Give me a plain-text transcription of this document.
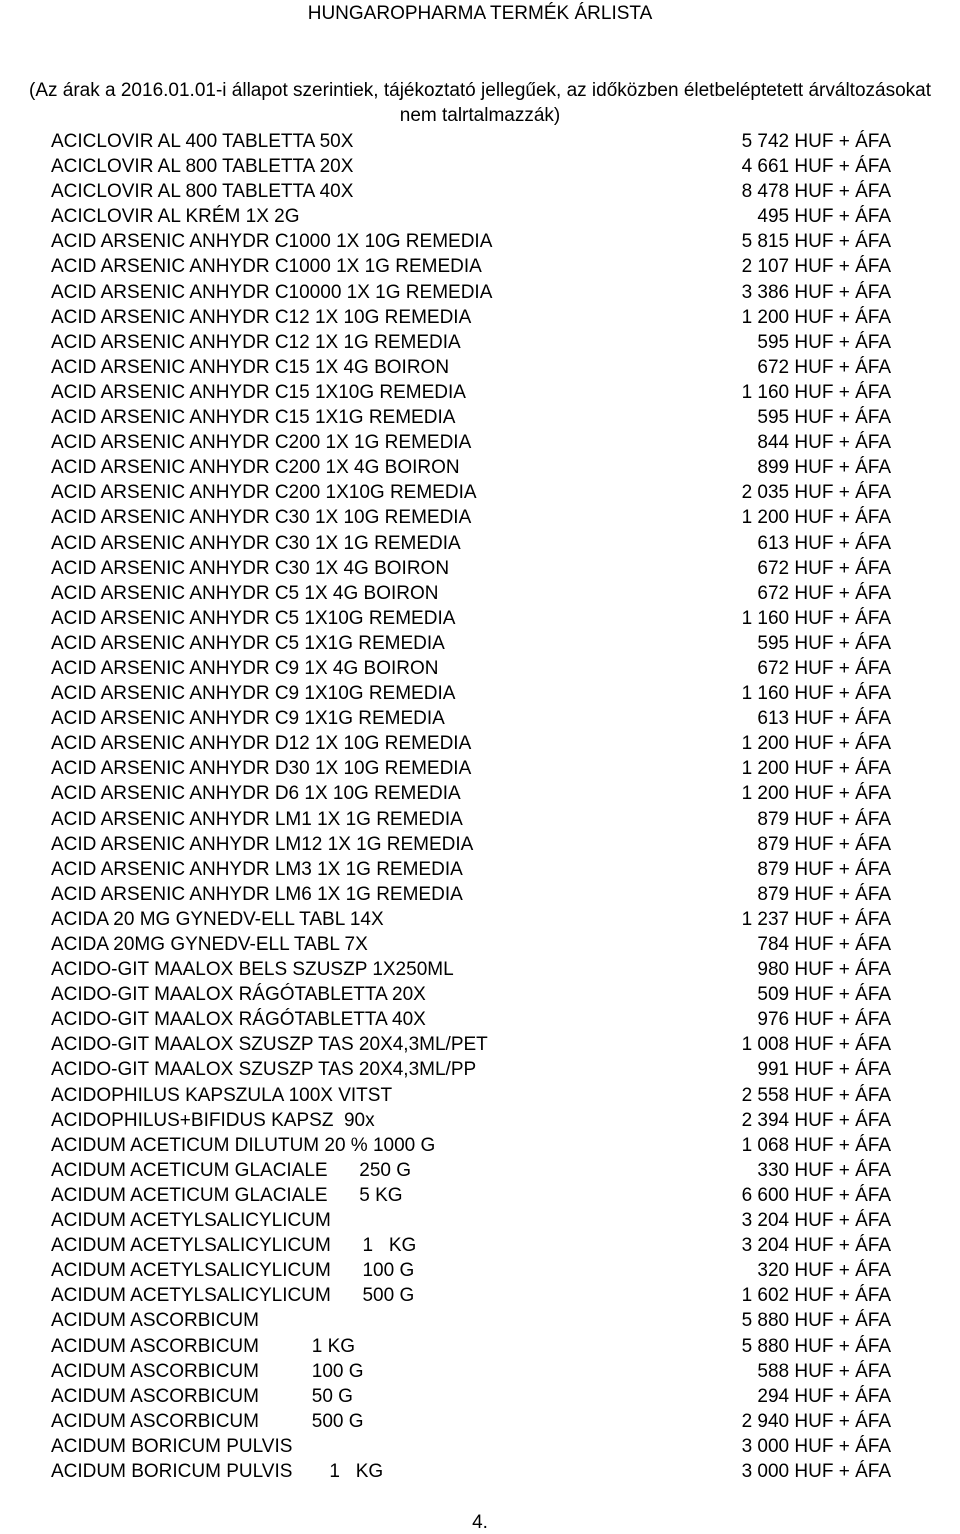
HUNGAROPHARMA TERMÉK ÁRLISTA
(Az árak a 2016.01.01-i állapot szerintiek, tájékoztató jellegűek, az időközben életbeléptetett árváltozásokat
nem talrtalmazzák)
ACICLOVIR AL 400 TABLETTA 50X	5 742 HUF + ÁFA
ACICLOVIR AL 800 TABLETTA 20X	4 661 HUF + ÁFA
ACICLOVIR AL 800 TABLETTA 40X	8 478 HUF + ÁFA
ACICLOVIR AL KRÉM 1X 2G	495 HUF + ÁFA
ACID ARSENIC ANHYDR C1000 1X 10G REMEDIA	5 815 HUF + ÁFA
ACID ARSENIC ANHYDR C1000 1X 1G REMEDIA	2 107 HUF + ÁFA
ACID ARSENIC ANHYDR C10000 1X 1G REMEDIA	3 386 HUF + ÁFA
ACID ARSENIC ANHYDR C12 1X 10G REMEDIA	1 200 HUF + ÁFA
ACID ARSENIC ANHYDR C12 1X 1G REMEDIA	595 HUF + ÁFA
ACID ARSENIC ANHYDR C15 1X 4G BOIRON	672 HUF + ÁFA
ACID ARSENIC ANHYDR C15 1X10G REMEDIA	1 160 HUF + ÁFA
ACID ARSENIC ANHYDR C15 1X1G REMEDIA	595 HUF + ÁFA
ACID ARSENIC ANHYDR C200 1X 1G REMEDIA	844 HUF + ÁFA
ACID ARSENIC ANHYDR C200 1X 4G BOIRON	899 HUF + ÁFA
ACID ARSENIC ANHYDR C200 1X10G REMEDIA	2 035 HUF + ÁFA
ACID ARSENIC ANHYDR C30 1X 10G REMEDIA	1 200 HUF + ÁFA
ACID ARSENIC ANHYDR C30 1X 1G REMEDIA	613 HUF + ÁFA
ACID ARSENIC ANHYDR C30 1X 4G BOIRON	672 HUF + ÁFA
ACID ARSENIC ANHYDR C5 1X 4G BOIRON	672 HUF + ÁFA
ACID ARSENIC ANHYDR C5 1X10G REMEDIA	1 160 HUF + ÁFA
ACID ARSENIC ANHYDR C5 1X1G REMEDIA	595 HUF + ÁFA
ACID ARSENIC ANHYDR C9 1X 4G BOIRON	672 HUF + ÁFA
ACID ARSENIC ANHYDR C9 1X10G REMEDIA	1 160 HUF + ÁFA
ACID ARSENIC ANHYDR C9 1X1G REMEDIA	613 HUF + ÁFA
ACID ARSENIC ANHYDR D12 1X 10G REMEDIA	1 200 HUF + ÁFA
ACID ARSENIC ANHYDR D30 1X 10G REMEDIA	1 200 HUF + ÁFA
ACID ARSENIC ANHYDR D6 1X 10G REMEDIA	1 200 HUF + ÁFA
ACID ARSENIC ANHYDR LM1 1X 1G REMEDIA	879 HUF + ÁFA
ACID ARSENIC ANHYDR LM12 1X 1G REMEDIA	879 HUF + ÁFA
ACID ARSENIC ANHYDR LM3 1X 1G REMEDIA	879 HUF + ÁFA
ACID ARSENIC ANHYDR LM6 1X 1G REMEDIA	879 HUF + ÁFA
ACIDA 20 MG GYNEDV-ELL TABL 14X	1 237 HUF + ÁFA
ACIDA 20MG GYNEDV-ELL TABL 7X	784 HUF + ÁFA
ACIDO-GIT MAALOX BELS SZUSZP 1X250ML	980 HUF + ÁFA
ACIDO-GIT MAALOX RÁGÓTABLETTA 20X	509 HUF + ÁFA
ACIDO-GIT MAALOX RÁGÓTABLETTA 40X	976 HUF + ÁFA
ACIDO-GIT MAALOX SZUSZP TAS 20X4,3ML/PET	1 008 HUF + ÁFA
ACIDO-GIT MAALOX SZUSZP TAS 20X4,3ML/PP	991 HUF + ÁFA
ACIDOPHILUS KAPSZULA 100X VITST	2 558 HUF + ÁFA
ACIDOPHILUS+BIFIDUS KAPSZ  90x	2 394 HUF + ÁFA
ACIDUM ACETICUM DILUTUM 20 % 1000 G	1 068 HUF + ÁFA
ACIDUM ACETICUM GLACIALE      250 G	330 HUF + ÁFA
ACIDUM ACETICUM GLACIALE      5 KG	6 600 HUF + ÁFA
ACIDUM ACETYLSALICYLICUM	3 204 HUF + ÁFA
ACIDUM ACETYLSALICYLICUM      1   KG	3 204 HUF + ÁFA
ACIDUM ACETYLSALICYLICUM      100 G	320 HUF + ÁFA
ACIDUM ACETYLSALICYLICUM      500 G	1 602 HUF + ÁFA
ACIDUM ASCORBICUM	5 880 HUF + ÁFA
ACIDUM ASCORBICUM          1 KG	5 880 HUF + ÁFA
ACIDUM ASCORBICUM          100 G	588 HUF + ÁFA
ACIDUM ASCORBICUM          50 G	294 HUF + ÁFA
ACIDUM ASCORBICUM          500 G	2 940 HUF + ÁFA
ACIDUM BORICUM PULVIS	3 000 HUF + ÁFA
ACIDUM BORICUM PULVIS       1   KG	3 000 HUF + ÁFA
4.
